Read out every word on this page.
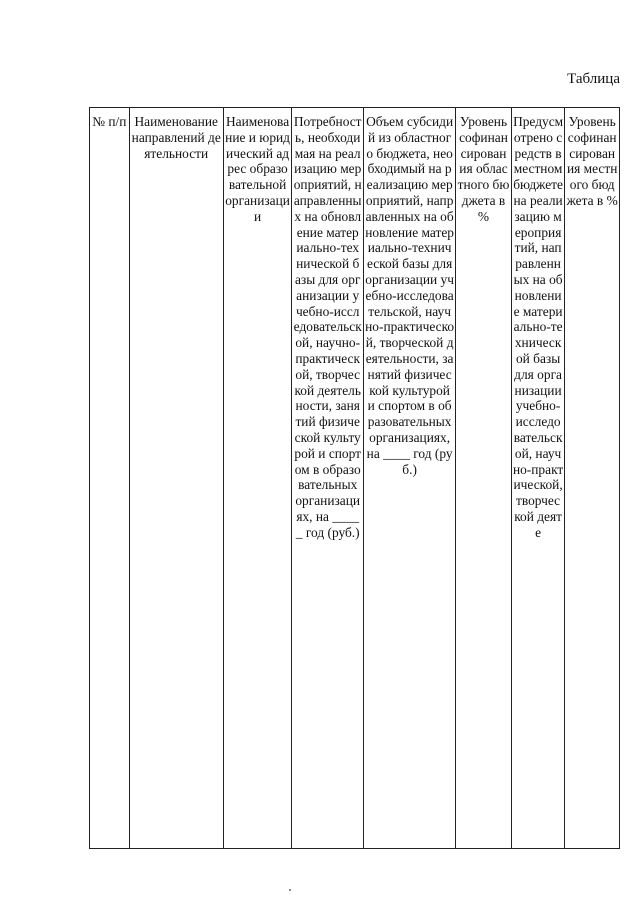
Таблица
№ п/п	Наименование направлений деятельности	Наименование и юридический адрес образовательной организации	Потребность, необходимая на реализацию мероприятий, направленных на обновление материально-технической базы для организации учебно-исследовательской, научно-практической, творческой деятельности, занятий физической культурой и спортом в образовательных организациях, на _____ год (руб.)	Объем субсидий из областного бюджета, необходимый на реализацию мероприятий, направленных на обновление материально-технической базы для организации учебно-исследовательской, научно-практической, творческой деятельности, занятий физической культурой и спортом в образовательных организациях, на ____ год (руб.)	Уровень софинансирования областного бюджета в %	Предусмотрено средств в местном бюджете на реализацию мероприятий, направленных на обновление материально-технической базы для организации учебно-исследовательской, научно-практической, творческой деяте	Уровень софинансирования местного бюджета в %
